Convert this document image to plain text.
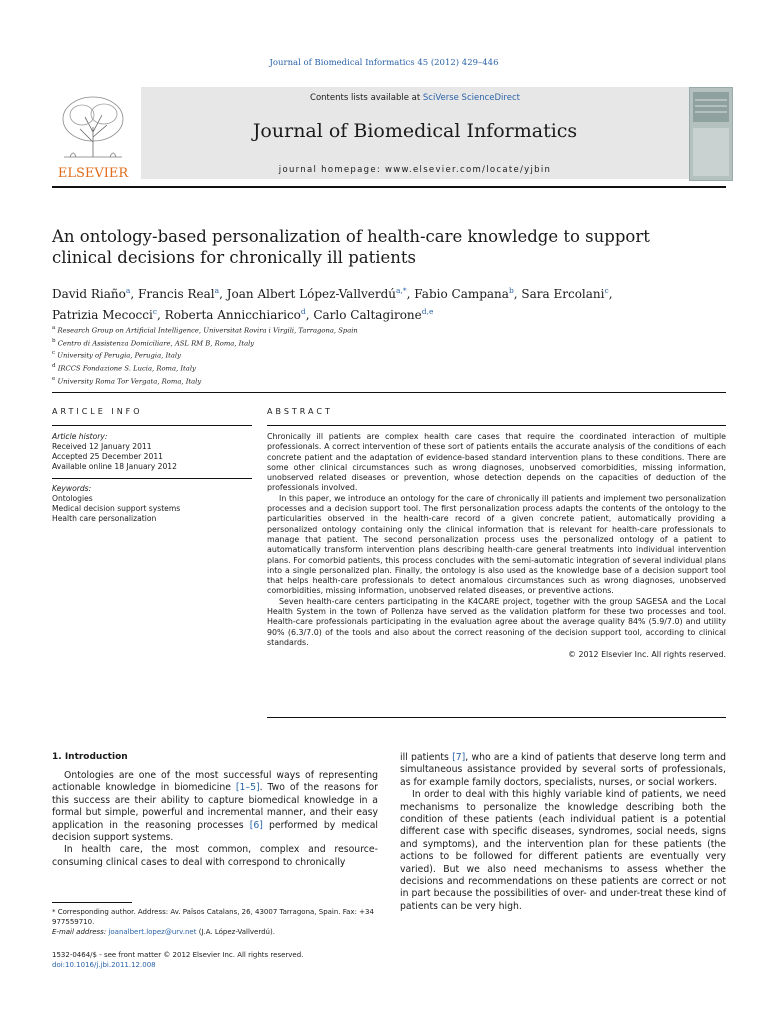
Journal of Biomedical Informatics 45 (2012) 429–446
ELSEVIER
Contents lists available at SciVerse ScienceDirect
Journal of Biomedical Informatics
journal homepage: www.elsevier.com/locate/yjbin
An ontology-based personalization of health-care knowledge to support
clinical decisions for chronically ill patients
David Riaño$^a$, Francis Real$^a$, Joan Albert López-Vallverdú$^{a,*}$, Fabio Campana$^b$, Sara Ercolani$^c$,
Patrizia Mecocci$^c$, Roberta Annicchiarico$^d$, Carlo Caltagirone$^{d,e}$
$^a$ Research Group on Artificial Intelligence, Universitat Rovira i Virgili, Tarragona, Spain
$^b$ Centro di Assistenza Domiciliare, ASL RM B, Roma, Italy
$^c$ University of Perugia, Perugia, Italy
$^d$ IRCCS Fondazione S. Lucia, Roma, Italy
$^e$ University Roma Tor Vergata, Roma, Italy
ARTICLE INFO	ABSTRACT

Article history:

Received 12 January 2011

Accepted 25 December 2011

Available online 18 January 2012

Keywords:

Ontologies

Medical decision support systems

Health care personalization

Chronically ill patients are complex health care cases that require the coordinated interaction of multiple professionals. A correct intervention of these sort of patients entails the accurate analysis of the conditions of each concrete patient and the adaptation of evidence-based standard intervention plans to these conditions. There are some other clinical circumstances such as wrong diagnoses, unobserved comorbidities, missing information, unobserved related diseases or prevention, whose detection depends on the capacities of deduction of the professionals involved.

In this paper, we introduce an ontology for the care of chronically ill patients and implement two personalization processes and a decision support tool. The first personalization process adapts the contents of the ontology to the particularities observed in the health-care record of a given concrete patient, automatically providing a personalized ontology containing only the clinical information that is relevant for health-care professionals to manage that patient. The second personalization process uses the personalized ontology of a patient to automatically transform intervention plans describing health-care general treatments into individual intervention plans. For comorbid patients, this process concludes with the semi-automatic integration of several individual plans into a single personalized plan. Finally, the ontology is also used as the knowledge base of a decision support tool that helps health-care professionals to detect anomalous circumstances such as wrong diagnoses, unobserved comorbidities, missing information, unobserved related diseases, or preventive actions.

Seven health-care centers participating in the K4CARE project, together with the group SAGESA and the Local Health System in the town of Pollenza have served as the validation platform for these two processes and tool. Health-care professionals participating in the evaluation agree about the average quality 84% (5.9/7.0) and utility 90% (6.3/7.0) of the tools and also about the correct reasoning of the decision support tool, according to clinical standards.

© 2012 Elsevier Inc. All rights reserved.

1. Introduction

Ontologies are one of the most successful ways of representing actionable knowledge in biomedicine [1–5]. Two of the reasons for this success are their ability to capture biomedical knowledge in a formal but simple, powerful and incremental manner, and their easy application in the reasoning processes [6] performed by medical decision support systems.

In health care, the most common, complex and resource-consuming clinical cases to deal with correspond to chronically

ill patients [7], who are a kind of patients that deserve long term and simultaneous assistance provided by several sorts of professionals, as for example family doctors, specialists, nurses, or social workers.

In order to deal with this highly variable kind of patients, we need mechanisms to personalize the knowledge describing both the condition of these patients (each individual patient is a potential different case with specific diseases, syndromes, social needs, signs and symptoms), and the intervention plan for these patients (the actions to be followed for different patients are eventually very varied). But we also need mechanisms to assess whether the decisions and recommendations on these patients are correct or not in part because the possibilities of over- and under-treat these kind of patients can be very high.

* Corresponding author. Address: Av. Països Catalans, 26, 43007 Tarragona, Spain. Fax: +34 977559710.

E-mail address: joanalbert.lopez@urv.net (J.A. López-Vallverdú).

1532-0464/$ - see front matter © 2012 Elsevier Inc. All rights reserved.

doi:10.1016/j.jbi.2011.12.008
